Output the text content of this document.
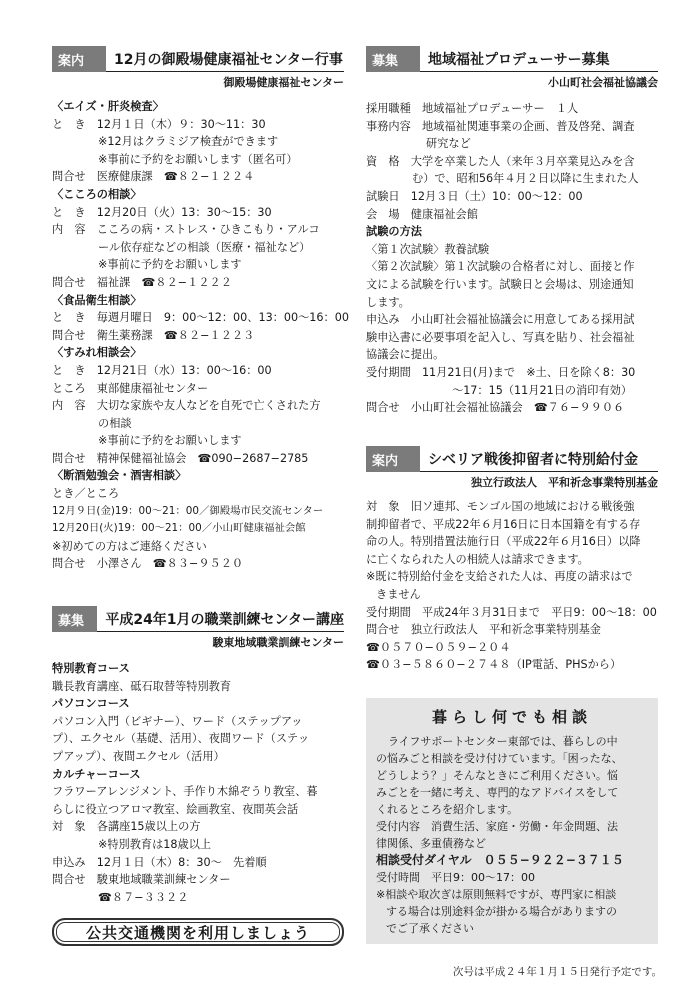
案内	12月の御殿場健康福祉センター行事
御殿場健康福祉センター
〈エイズ・肝炎検査〉
と　き　12月１日（木）９：30〜11：30
※12月はクラミジア検査ができます
※事前に予約をお願いします（匿名可）
問合せ　医療健康課　☎８２−１２２４
〈こころの相談〉
と　き　12月20日（火）13：30〜15：30
内　容　こころの病・ストレス・ひきこもり・アルコ
ール依存症などの相談（医療・福祉など）
※事前に予約をお願いします
問合せ　福祉課　☎８２−１２２２
〈食品衛生相談〉
と　き　毎週月曜日　9：00〜12：00、13：00〜16：00
問合せ　衛生薬務課　☎８２−１２２３
〈すみれ相談会〉
と　き　12月21日（水）13：00〜16：00
ところ　東部健康福祉センター
内　容　大切な家族や友人などを自死で亡くされた方
の相談
※事前に予約をお願いします
問合せ　精神保健福祉協会　☎090−2687−2785
〈断酒勉強会・酒害相談〉
とき／ところ
12月９日(金)19：00〜21：00／御殿場市民交流センター
12月20日(火)19：00〜21：00／小山町健康福祉会館
※初めての方はご連絡ください
問合せ　小澤さん　☎８３−９５２０
募集	平成24年1月の職業訓練センター講座
駿東地域職業訓練センター
特別教育コース
職長教育講座、砥石取替等特別教育
パソコンコース
パソコン入門（ビギナー）、ワード（ステップアッ
プ）、エクセル（基礎、活用）、夜間ワード（ステッ
プアップ）、夜間エクセル（活用）
カルチャーコース
フラワーアレンジメント、手作り木綿ぞうり教室、暮
らしに役立つアロマ教室、絵画教室、夜間英会話
対　象　各講座15歳以上の方
※特別教育は18歳以上
申込み　12月１日（木）8：30〜　先着順
問合せ　駿東地域職業訓練センター
☎８７−３３２２
公共交通機関を利用しましょう
募集	地域福祉プロデューサー募集
小山町社会福祉協議会
採用職種　地域福祉プロデューサー　１人
事務内容　地域福祉関連事業の企画、普及啓発、調査
研究など
資　格　大学を卒業した人（来年３月卒業見込みを含
む）で、昭和56年４月２日以降に生まれた人
試験日　12月３日（土）10：00〜12：00
会　場　健康福祉会館
試験の方法
〈第１次試験〉教養試験
〈第２次試験〉第１次試験の合格者に対し、面接と作
文による試験を行います。試験日と会場は、別途通知
します。
申込み　小山町社会福祉協議会に用意してある採用試
験申込書に必要事項を記入し、写真を貼り、社会福祉
協議会に提出。
受付期間　11月21日(月)まで　※土、日を除く8：30
〜17：15（11月21日の消印有効）
問合せ　小山町社会福祉協議会　☎７６−９９０６
案内	シベリア戦後抑留者に特別給付金
独立行政法人　平和祈念事業特別基金
対　象　旧ソ連邦、モンゴル国の地域における戦後強
制抑留者で、平成22年６月16日に日本国籍を有する存
命の人。特別措置法施行日（平成22年６月16日）以降
に亡くなられた人の相続人は請求できます。
※既に特別給付金を支給された人は、再度の請求はで
きません
受付期間　平成24年３月31日まで　平日9：00〜18：00
問合せ　独立行政法人　平和祈念事業特別基金
☎０５７０−０５９−２０４
☎０３−５８６０−２７４８（IP電話、PHSから）
暮らし何でも相談
ライフサポートセンター東部では、暮らしの中
の悩みごと相談を受け付けています。「困ったな、
どうしよう？」そんなときにご利用ください。悩
みごとを一緒に考え、専門的なアドバイスをして
くれるところを紹介します。
受付内容　消費生活、家庭・労働・年金問題、法
律関係、多重債務など
相談受付ダイヤル　０５５−９２２−３７１５
受付時間　平日9：00〜17：00
※相談や取次ぎは原則無料ですが、専門家に相談
する場合は別途料金が掛かる場合がありますの
でご了承ください
次号は平成２４年１月１５日発行予定です。
